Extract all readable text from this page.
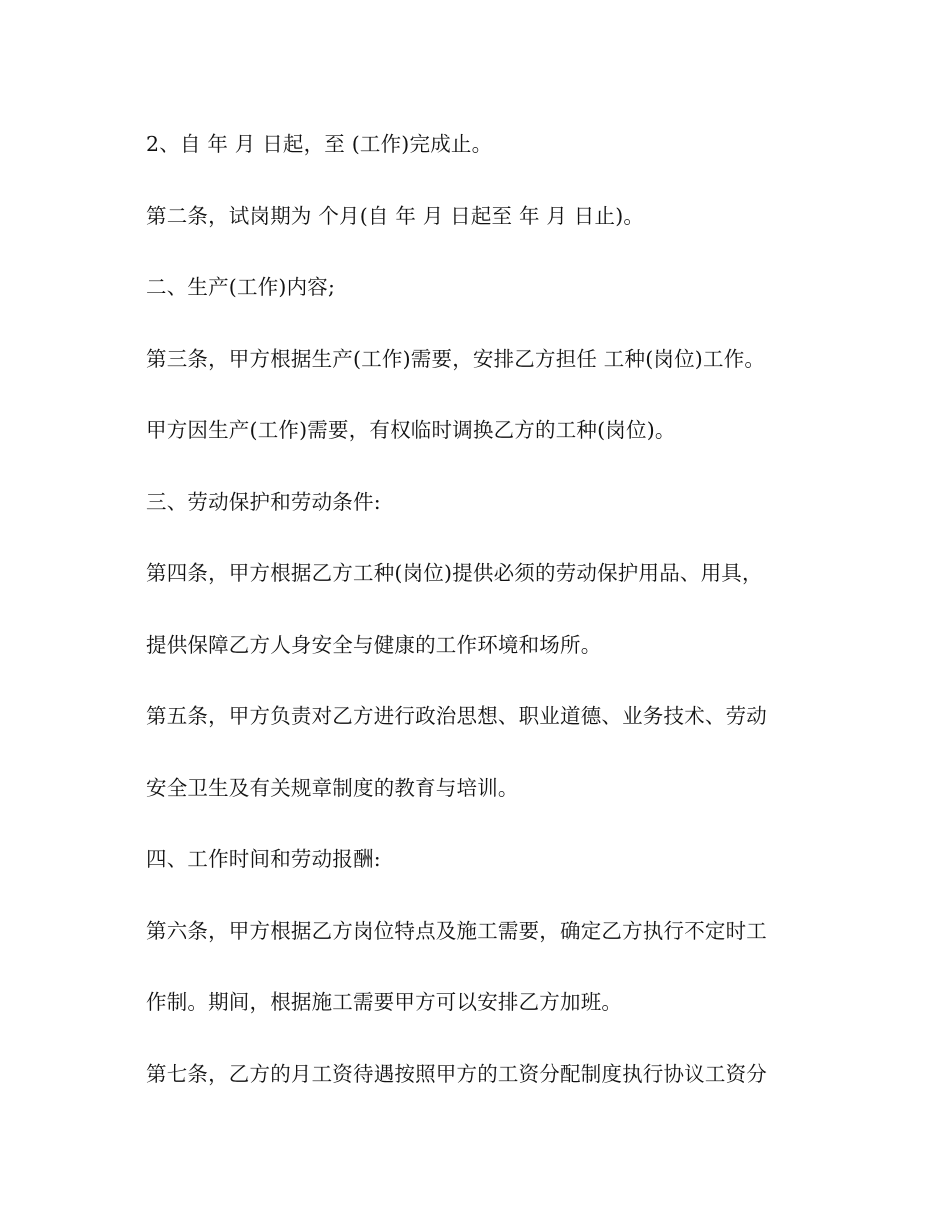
2、自 年 月 日起，至 (工作)完成止。
第二条，试岗期为 个月(自 年 月 日起至 年 月 日止)。
二、生产(工作)内容;
第三条，甲方根据生产(工作)需要，安排乙方担任 工种(岗位)工作。
甲方因生产(工作)需要，有权临时调换乙方的工种(岗位)。
三、劳动保护和劳动条件:
第四条，甲方根据乙方工种(岗位)提供必须的劳动保护用品、用具，
提供保障乙方人身安全与健康的工作环境和场所。
第五条，甲方负责对乙方进行政治思想、职业道德、业务技术、劳动
安全卫生及有关规章制度的教育与培训。
四、工作时间和劳动报酬:
第六条，甲方根据乙方岗位特点及施工需要，确定乙方执行不定时工
作制。期间，根据施工需要甲方可以安排乙方加班。
第七条，乙方的月工资待遇按照甲方的工资分配制度执行协议工资分
